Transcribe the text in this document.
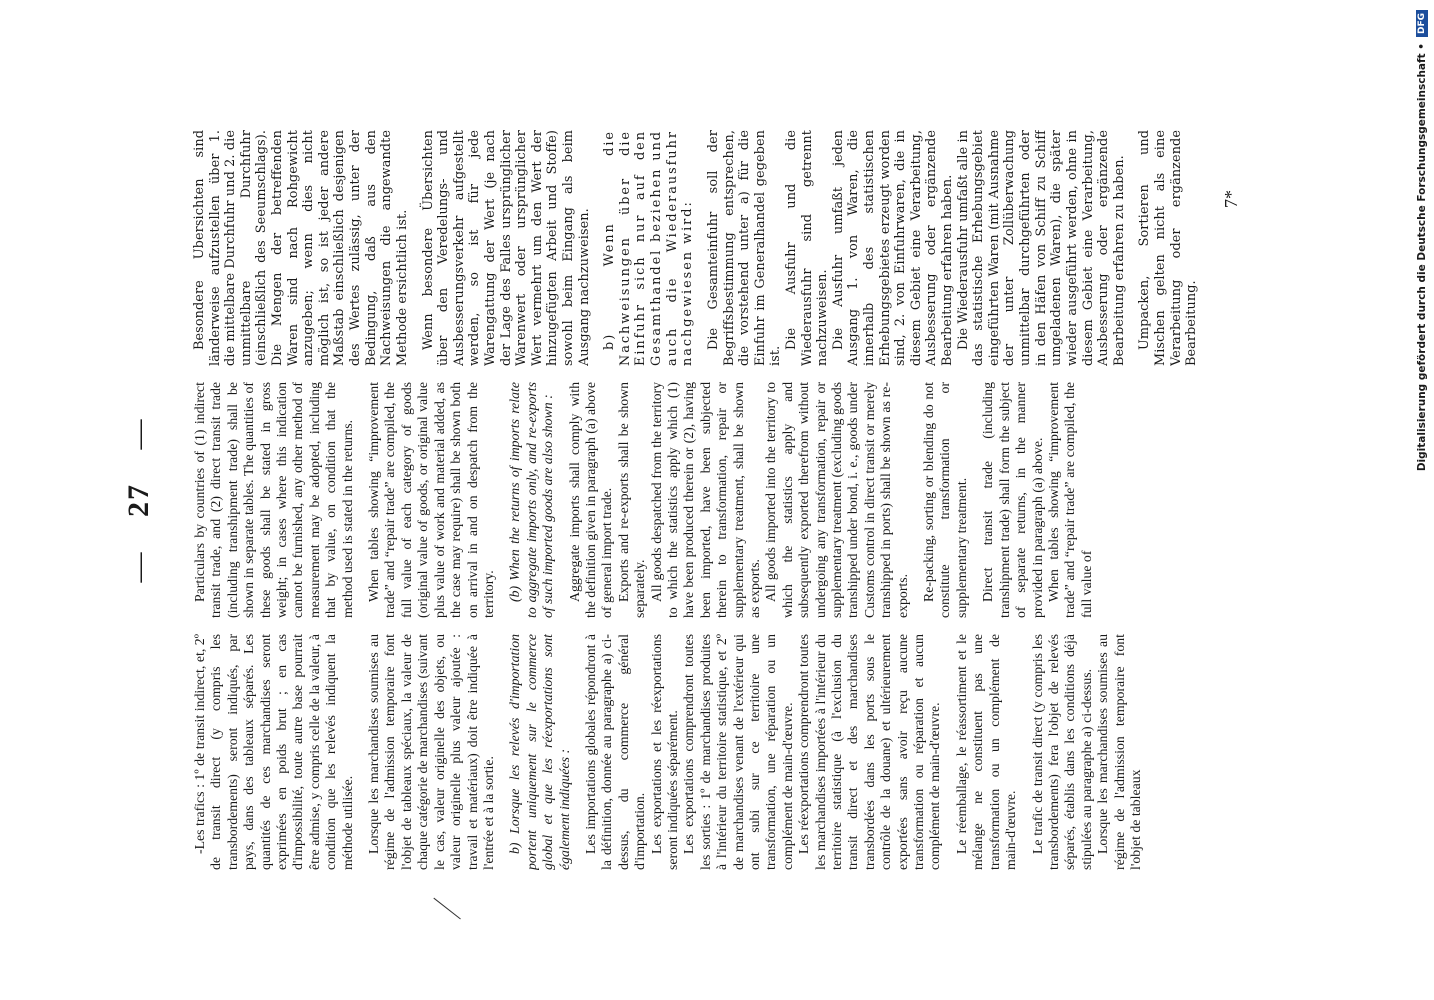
— 27 —

-Les trafics : 1º de transit indirect, et, 2º de transit direct (y compris les transbordements) seront indiqués, par pays, dans des tableaux séparés. Les quantités de ces marchandises seront exprimées en poids brut ; en cas d'impossibilité, toute autre base pourrait être admise, y compris celle de la valeur, à condition que les relevés indiquent la méthode utilisée. Lorsque les marchandises soumises au régime de l'admission temporaire font l'objet de tableaux spéciaux, la valeur de chaque catégorie de marchandises (suivant le cas, valeur originelle des objets, ou valeur originelle plus valeur ajoutée : travail et matériaux) doit être indiquée à l'entrée et à la sortie. b) Lorsque les relevés d'importation portent uniquement sur le commerce global et que les réexportations sont également indiquées : Les importations globales répondront à la définition, donnée au paragraphe a) ci-dessus, du commerce général d'importation. Les exportations et les réexportations seront indiquées séparément. Les exportations comprendront toutes les sorties : 1º de marchandises produites à l'intérieur du territoire statistique, et 2º de marchandises venant de l'extérieur qui ont subi sur ce territoire une transformation, une réparation ou un complément de main-d'œuvre. Les réexportations comprendront toutes les marchandises importées à l'intérieur du territoire statistique (à l'exclusion du transit direct et des marchandises transbordées dans les ports sous le contrôle de la douane) et ultérieurement exportées sans avoir reçu aucune transformation ou réparation et aucun complément de main-d'œuvre. Le réemballage, le réassortiment et le mélange ne constituent pas une transformation ou un complément de main-d'œuvre. Le trafic de transit direct (y compris les transbordements) fera l'objet de relevés séparés, établis dans les conditions déjà stipulées au paragraphe a) ci-dessus. Lorsque les marchandises soumises au régime de l'admission temporaire font l'objet de tableaux

Particulars by countries of (1) indirect transit trade, and (2) direct transit trade (including transhipment trade) shall be shown in separate tables. The quantities of these goods shall be stated in gross weight; in cases where this indication cannot be furnished, any other method of measurement may be adopted, including that by value, on condition that the method used is stated in the returns. When tables showing “improvement trade” and “repair trade” are compiled, the full value of each category of goods (original value of goods, or original value plus value of work and material added, as the case may require) shall be shown both on arrival in and on despatch from the territory. (b) When the returns of imports relate to aggregate imports only, and re-exports of such imported goods are also shown : Aggregate imports shall comply with the definition given in paragraph (a) above of general import trade. Exports and re-exports shall be shown separately. All goods despatched from the territory to which the statistics apply which (1) have been produced therein or (2), having been imported, have been subjected therein to transformation, repair or supplementary treatment, shall be shown as exports. All goods imported into the territory to which the statistics apply and subsequently exported therefrom without undergoing any transformation, repair or supplementary treatment (excluding goods transhipped under bond, i. e., goods under Customs control in direct transit or merely transhipped in ports) shall be shown as re-exports. Re-packing, sorting or blending do not constitute transformation or supplementary treatment. Direct transit trade (including transhipment trade) shall form the subject of separate returns, in the manner provided in paragraph (a) above. When tables showing “improvement trade” and “repair trade” are compiled, the full value of

Besondere Übersichten sind länderweise aufzustellen über 1. die mittelbare Durchfuhr und 2. die unmittelbare Durchfuhr (einschließlich des Seeumschlags). Die Mengen der betreffenden Waren sind nach Rohgewicht anzugeben; wenn dies nicht möglich ist, so ist jeder andere Maßstab einschließlich desjenigen des Wertes zulässig, unter der Bedingung, daß aus den Nachweisungen die angewandte Methode ersichtlich ist. Wenn besondere Übersichten über den Veredelungs- und Ausbesserungsverkehr aufgestellt werden, so ist für jede Warengattung der Wert (je nach der Lage des Falles ursprünglicher Warenwert oder ursprünglicher Wert vermehrt um den Wert der hinzugefügten Arbeit und Stoffe) sowohl beim Eingang als beim Ausgang nachzuweisen. b) Wenn die Nachweisungen über die Einfuhr sich nur auf den Gesamthandel beziehen und auch die Wiederausfuhr nachgewiesen wird: Die Gesamteinfuhr soll der Begriffsbestimmung entsprechen, die vorstehend unter a) für die Einfuhr im Generalhandel gegeben ist.

Die Ausfuhr und die Wiederausfuhr sind getrennt nachzuweisen. Die Ausfuhr umfaßt jeden Ausgang 1. von Waren, die innerhalb des statistischen Erhebungsgebietes erzeugt worden sind, 2. von Einfuhrwaren, die in diesem Gebiet eine Verarbeitung, Ausbesserung oder ergänzende Bearbeitung erfahren haben. Die Wiederausfuhr umfaßt alle in das statistische Erhebungsgebiet eingeführten Waren (mit Ausnahme der unter Zollüberwachung unmittelbar durchgeführten oder in den Häfen von Schiff zu Schiff umgeladenen Waren), die später wieder ausgeführt werden, ohne in diesem Gebiet eine Verarbeitung, Ausbesserung oder ergänzende Bearbeitung erfahren zu haben. Umpacken, Sortieren und Mischen gelten nicht als eine Verarbeitung oder ergänzende Bearbeitung.

7*	Digitalisierung gefördert durch die Deutsche Forschungsgemeinschaft •
DFG
